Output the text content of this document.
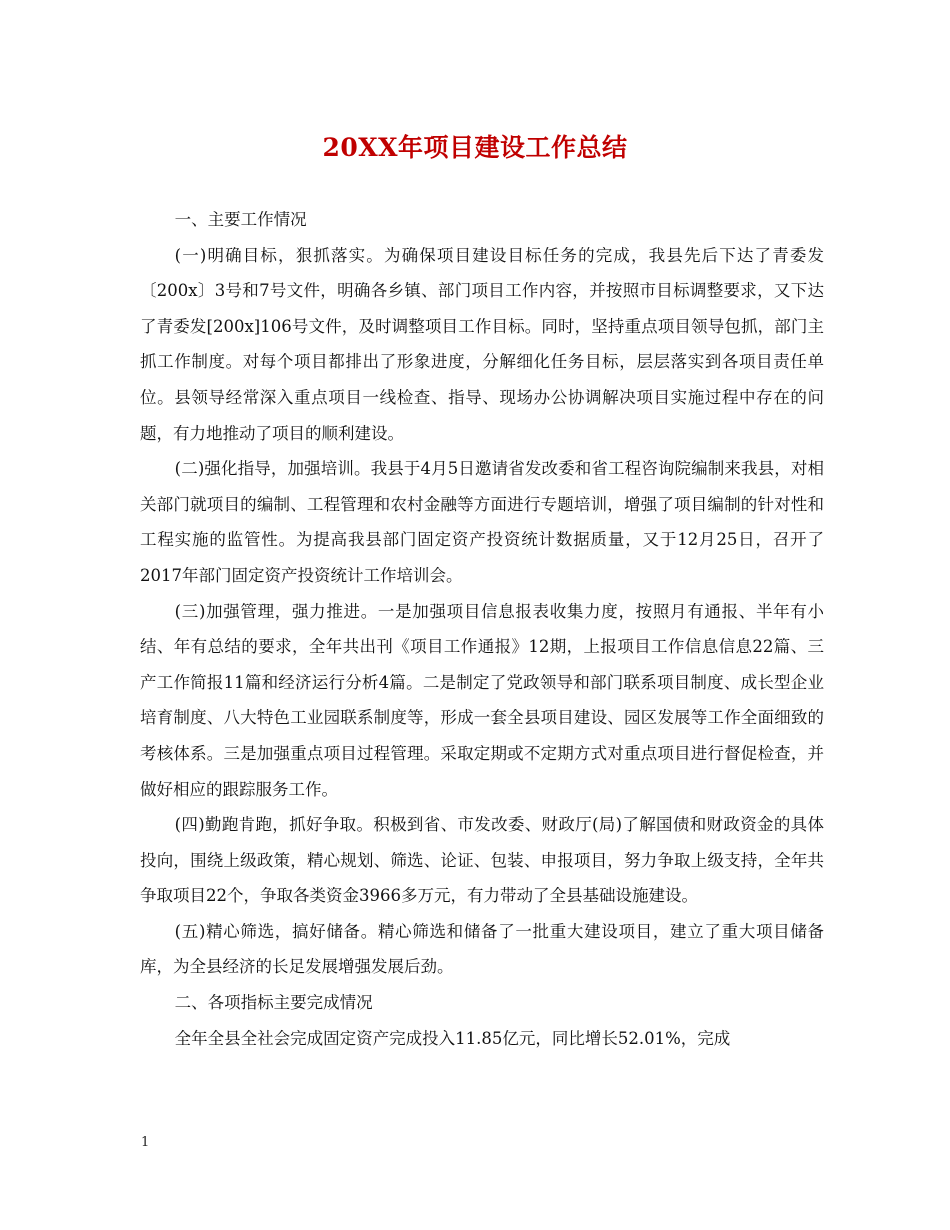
20XX年项目建设工作总结

一、主要工作情况

(一)明确目标，狠抓落实。为确保项目建设目标任务的完成，我县先后下达了青委发〔200x〕3号和7号文件，明确各乡镇、部门项目工作内容，并按照市目标调整要求，又下达了青委发[200x]106号文件，及时调整项目工作目标。同时，坚持重点项目领导包抓，部门主抓工作制度。对每个项目都排出了形象进度，分解细化任务目标，层层落实到各项目责任单位。县领导经常深入重点项目一线检查、指导、现场办公协调解决项目实施过程中存在的问题，有力地推动了项目的顺利建设。

(二)强化指导，加强培训。我县于4月5日邀请省发改委和省工程咨询院编制来我县，对相关部门就项目的编制、工程管理和农村金融等方面进行专题培训，增强了项目编制的针对性和工程实施的监管性。为提高我县部门固定资产投资统计数据质量，又于12月25日，召开了2017年部门固定资产投资统计工作培训会。

(三)加强管理，强力推进。一是加强项目信息报表收集力度，按照月有通报、半年有小结、年有总结的要求，全年共出刊《项目工作通报》12期，上报项目工作信息信息22篇、三产工作简报11篇和经济运行分析4篇。二是制定了党政领导和部门联系项目制度、成长型企业培育制度、八大特色工业园联系制度等，形成一套全县项目建设、园区发展等工作全面细致的考核体系。三是加强重点项目过程管理。采取定期或不定期方式对重点项目进行督促检查，并做好相应的跟踪服务工作。

(四)勤跑肯跑，抓好争取。积极到省、市发改委、财政厅(局)了解国债和财政资金的具体投向，围绕上级政策，精心规划、筛选、论证、包装、申报项目，努力争取上级支持，全年共争取项目22个，争取各类资金3966多万元，有力带动了全县基础设施建设。

(五)精心筛选，搞好储备。精心筛选和储备了一批重大建设项目，建立了重大项目储备库，为全县经济的长足发展增强发展后劲。

二、各项指标主要完成情况

全年全县全社会完成固定资产完成投入11.85亿元，同比增长52.01%，完成

1
